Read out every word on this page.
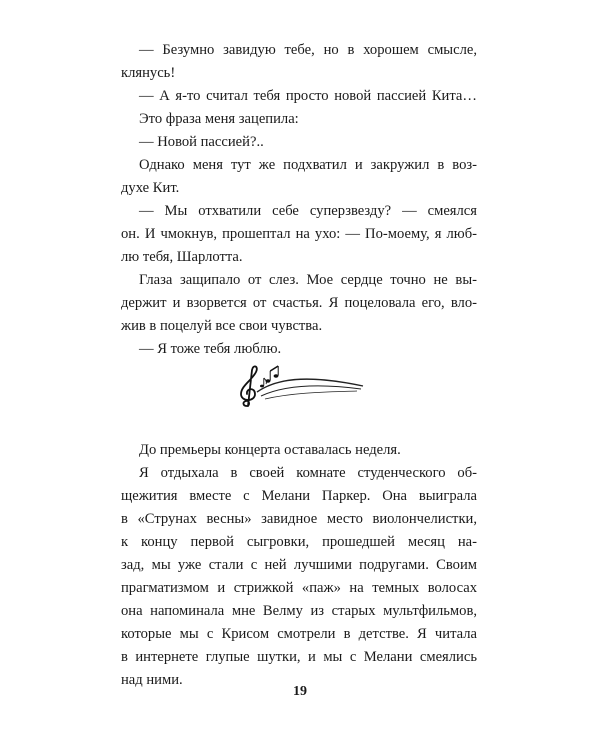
— Безумно завидую тебе, но в хорошем смысле,

клянусь!

— А я-то считал тебя просто новой пассией Кита…

Это фраза меня зацепила:

— Новой пассией?..

Однако меня тут же подхватил и закружил в воз-

духе Кит.

— Мы отхватили себе суперзвезду? — смеялся

он. И чмокнув, прошептал на ухо: — По-моему, я люб-

лю тебя, Шарлотта.

Глаза защипало от слез. Мое сердце точно не вы-

держит и взорвется от счастья. Я поцеловала его, вло-

жив в поцелуй все свои чувства.

— Я тоже тебя люблю.

До премьеры концерта оставалась неделя.

Я отдыхала в своей комнате студенческого об-

щежития вместе с Мелани Паркер. Она выиграла

в «Струнах весны» завидное место виолончелистки,

к концу первой сыгровки, прошедшей месяц на-

зад, мы уже стали с ней лучшими подругами. Своим

прагматизмом и стрижкой «паж» на темных волосах

она напоминала мне Велму из старых мультфильмов,

которые мы с Крисом смотрели в детстве. Я читала

в интернете глупые шутки, и мы с Мелани смеялись

над ними.

19
